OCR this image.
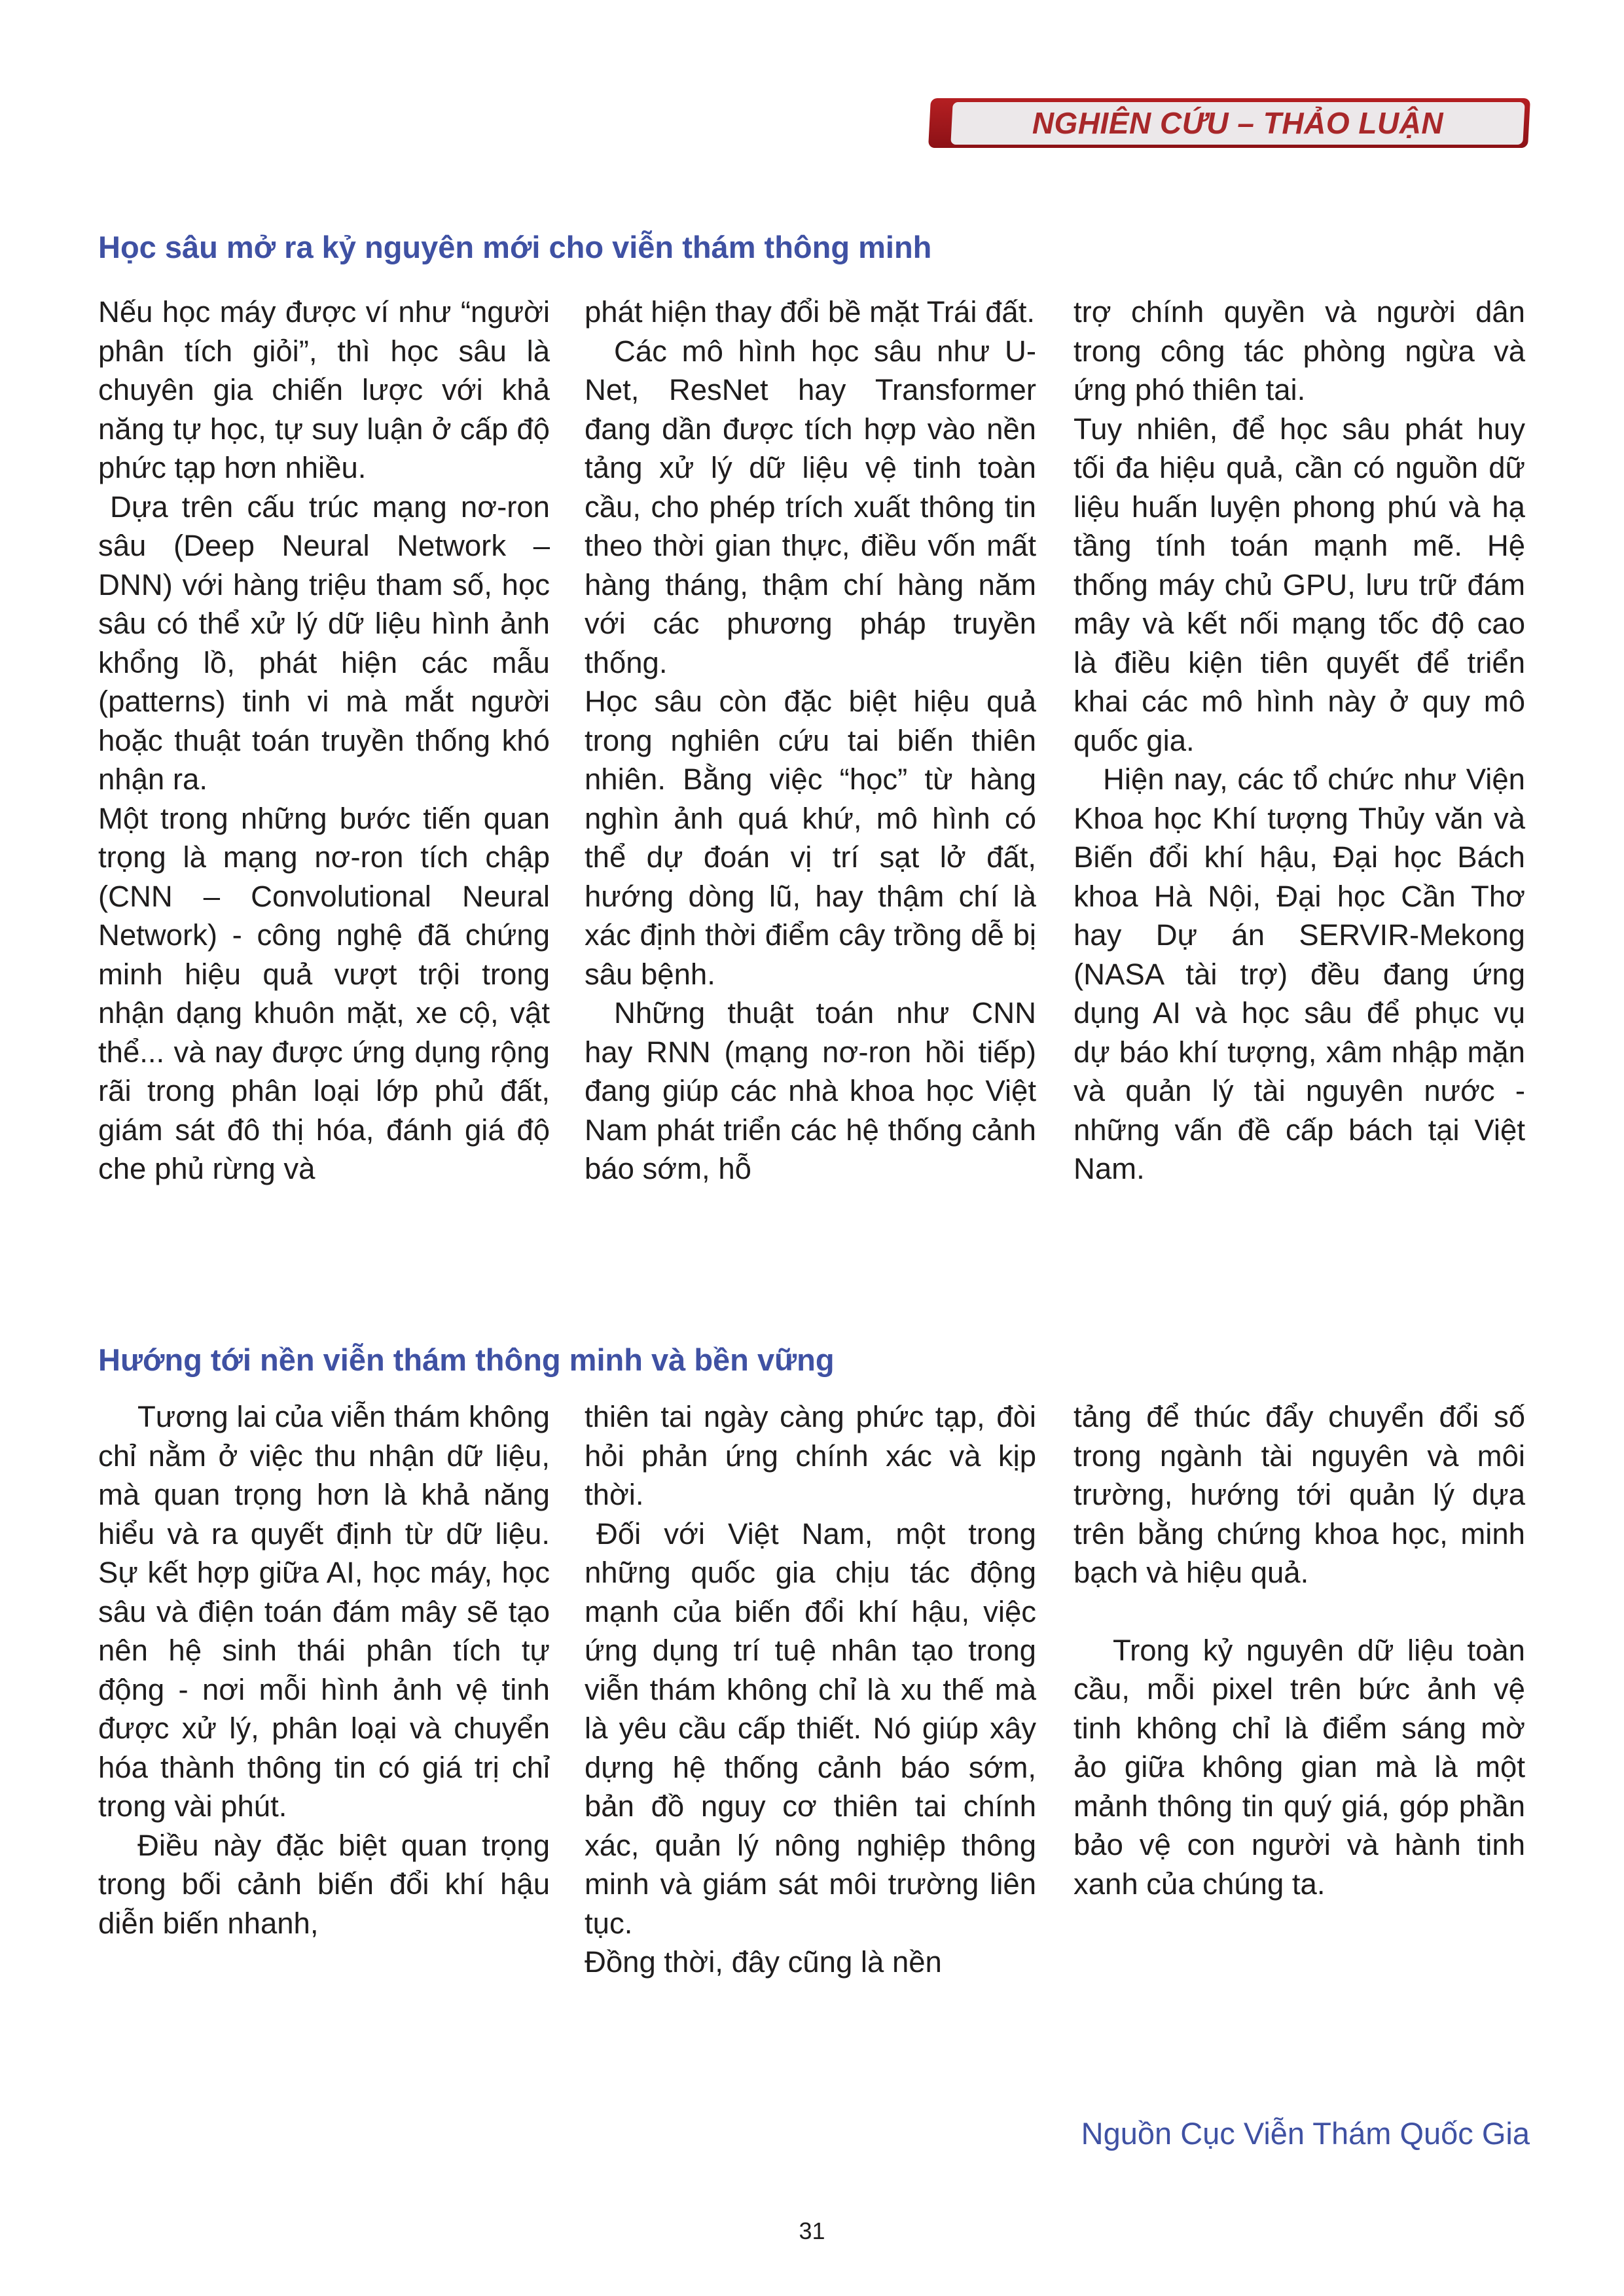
NGHIÊN CỨU – THẢO LUẬN
Học sâu mở ra kỷ nguyên mới cho viễn thám thông minh

Nếu học máy được ví như “người phân tích giỏi”, thì học sâu là chuyên gia chiến lược với khả năng tự học, tự suy luận ở cấp độ phức tạp hơn nhiều.

Dựa trên cấu trúc mạng nơ-ron sâu (Deep Neural Network – DNN) với hàng triệu tham số, học sâu có thể xử lý dữ liệu hình ảnh khổng lồ, phát hiện các mẫu (patterns) tinh vi mà mắt người hoặc thuật toán truyền thống khó nhận ra.

Một trong những bước tiến quan trọng là mạng nơ-ron tích chập (CNN – Convolutional Neural Network) - công nghệ đã chứng minh hiệu quả vượt trội trong nhận dạng khuôn mặt, xe cộ, vật thể... và nay được ứng dụng rộng rãi trong phân loại lớp phủ đất, giám sát đô thị hóa, đánh giá độ che phủ rừng và

phát hiện thay đổi bề mặt Trái đất.

Các mô hình học sâu như U-Net, ResNet hay Transformer đang dần được tích hợp vào nền tảng xử lý dữ liệu vệ tinh toàn cầu, cho phép trích xuất thông tin theo thời gian thực, điều vốn mất hàng tháng, thậm chí hàng năm với các phương pháp truyền thống.

Học sâu còn đặc biệt hiệu quả trong nghiên cứu tai biến thiên nhiên. Bằng việc “học” từ hàng nghìn ảnh quá khứ, mô hình có thể dự đoán vị trí sạt lở đất, hướng dòng lũ, hay thậm chí là xác định thời điểm cây trồng dễ bị sâu bệnh.

Những thuật toán như CNN hay RNN (mạng nơ-ron hồi tiếp) đang giúp các nhà khoa học Việt Nam phát triển các hệ thống cảnh báo sớm, hỗ

trợ chính quyền và người dân trong công tác phòng ngừa và ứng phó thiên tai.

Tuy nhiên, để học sâu phát huy tối đa hiệu quả, cần có nguồn dữ liệu huấn luyện phong phú và hạ tầng tính toán mạnh mẽ. Hệ thống máy chủ GPU, lưu trữ đám mây và kết nối mạng tốc độ cao là điều kiện tiên quyết để triển khai các mô hình này ở quy mô quốc gia.

Hiện nay, các tổ chức như Viện Khoa học Khí tượng Thủy văn và Biến đổi khí hậu, Đại học Bách khoa Hà Nội, Đại học Cần Thơ hay Dự án SERVIR-Mekong (NASA tài trợ) đều đang ứng dụng AI và học sâu để phục vụ dự báo khí tượng, xâm nhập mặn và quản lý tài nguyên nước - những vấn đề cấp bách tại Việt Nam.

Hướng tới nền viễn thám thông minh và bền vững

Tương lai của viễn thám không chỉ nằm ở việc thu nhận dữ liệu, mà quan trọng hơn là khả năng hiểu và ra quyết định từ dữ liệu. Sự kết hợp giữa AI, học máy, học sâu và điện toán đám mây sẽ tạo nên hệ sinh thái phân tích tự động - nơi mỗi hình ảnh vệ tinh được xử lý, phân loại và chuyển hóa thành thông tin có giá trị chỉ trong vài phút.

Điều này đặc biệt quan trọng trong bối cảnh biến đổi khí hậu diễn biến nhanh,

thiên tai ngày càng phức tạp, đòi hỏi phản ứng chính xác và kịp thời.

Đối với Việt Nam, một trong những quốc gia chịu tác động mạnh của biến đổi khí hậu, việc ứng dụng trí tuệ nhân tạo trong viễn thám không chỉ là xu thế mà là yêu cầu cấp thiết. Nó giúp xây dựng hệ thống cảnh báo sớm, bản đồ nguy cơ thiên tai chính xác, quản lý nông nghiệp thông minh và giám sát môi trường liên tục.

Đồng thời, đây cũng là nền

tảng để thúc đẩy chuyển đổi số trong ngành tài nguyên và môi trường, hướng tới quản lý dựa trên bằng chứng khoa học, minh bạch và hiệu quả.

Trong kỷ nguyên dữ liệu toàn cầu, mỗi pixel trên bức ảnh vệ tinh không chỉ là điểm sáng mờ ảo giữa không gian mà là một mảnh thông tin quý giá, góp phần bảo vệ con người và hành tinh xanh của chúng ta.

Nguồn Cục Viễn Thám Quốc Gia
31
